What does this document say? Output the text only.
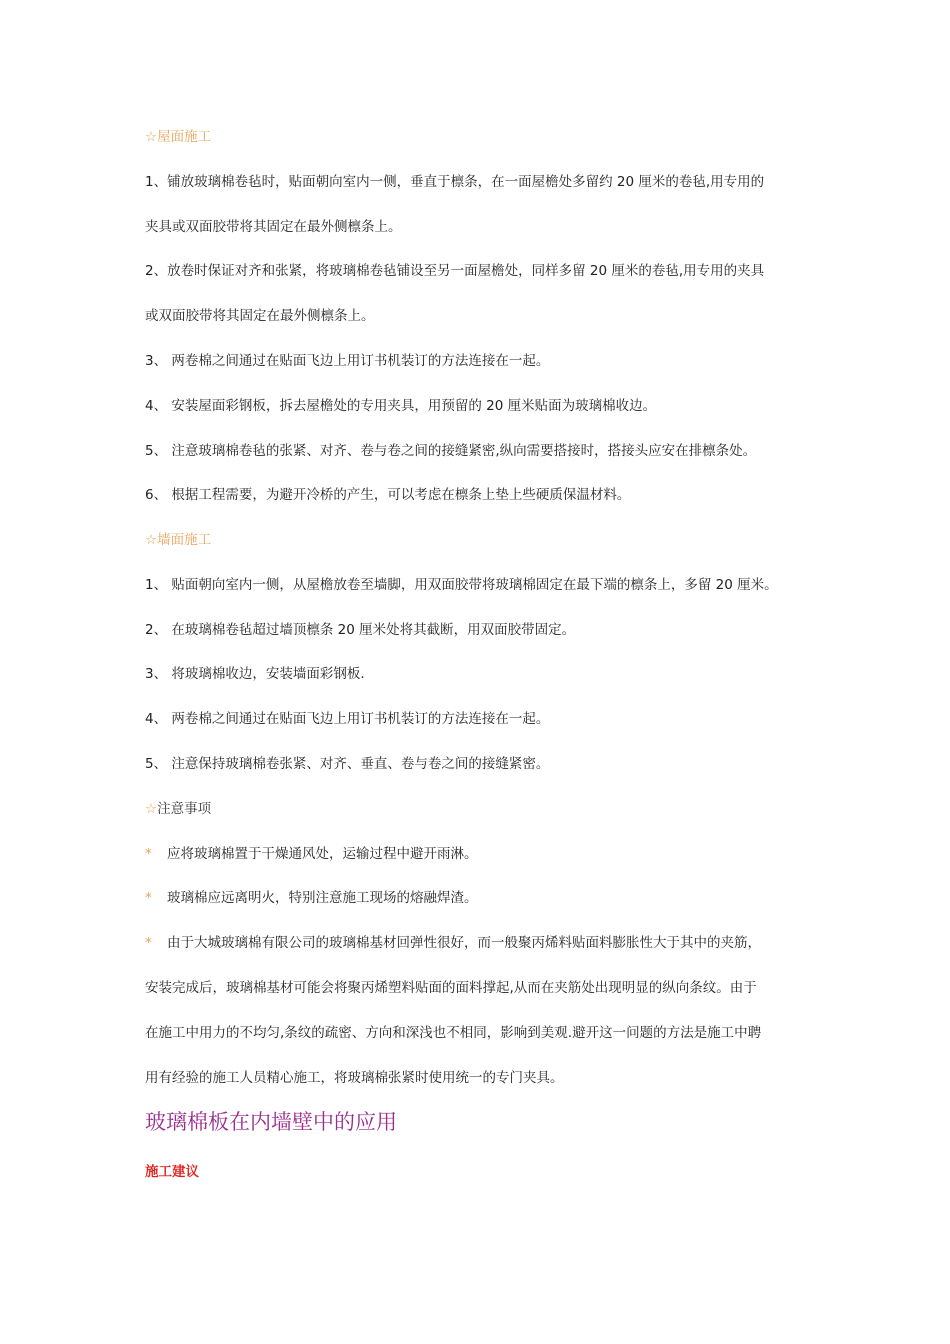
☆屋面施工
1、铺放玻璃棉卷毡时，贴面朝向室内一侧，垂直于檩条，在一面屋檐处多留约 20 厘米的卷毡,用专用的
夹具或双面胶带将其固定在最外侧檩条上。
2、放卷时保证对齐和张紧，将玻璃棉卷毡铺设至另一面屋檐处，同样多留 20 厘米的卷毡,用专用的夹具
或双面胶带将其固定在最外侧檩条上。
3、 两卷棉之间通过在贴面飞边上用订书机装订的方法连接在一起。
4、 安装屋面彩钢板，拆去屋檐处的专用夹具，用预留的 20 厘米贴面为玻璃棉收边。
5、 注意玻璃棉卷毡的张紧、对齐、卷与卷之间的接缝紧密,纵向需要搭接时，搭接头应安在排檩条处。
6、 根据工程需要，为避开冷桥的产生，可以考虑在檩条上垫上些硬质保温材料。
☆墙面施工
1、 贴面朝向室内一侧，从屋檐放卷至墙脚，用双面胶带将玻璃棉固定在最下端的檩条上，多留 20 厘米。
2、 在玻璃棉卷毡超过墙顶檩条 20 厘米处将其截断，用双面胶带固定。
3、 将玻璃棉收边，安装墙面彩钢板.
4、 两卷棉之间通过在贴面飞边上用订书机装订的方法连接在一起。
5、 注意保持玻璃棉卷张紧、对齐、垂直、卷与卷之间的接缝紧密。
☆注意事项
* 应将玻璃棉置于干燥通风处，运输过程中避开雨淋。
* 玻璃棉应远离明火，特别注意施工现场的熔融焊渣。
* 由于大城玻璃棉有限公司的玻璃棉基材回弹性很好，而一般聚丙烯料贴面料膨胀性大于其中的夹筋，
安装完成后，玻璃棉基材可能会将聚丙烯塑料贴面的面料撑起,从而在夹筋处出现明显的纵向条纹。由于
在施工中用力的不均匀,条纹的疏密、方向和深浅也不相同，影响到美观.避开这一问题的方法是施工中聘
用有经验的施工人员精心施工，将玻璃棉张紧时使用统一的专门夹具。
玻璃棉板在内墙壁中的应用
施工建议
